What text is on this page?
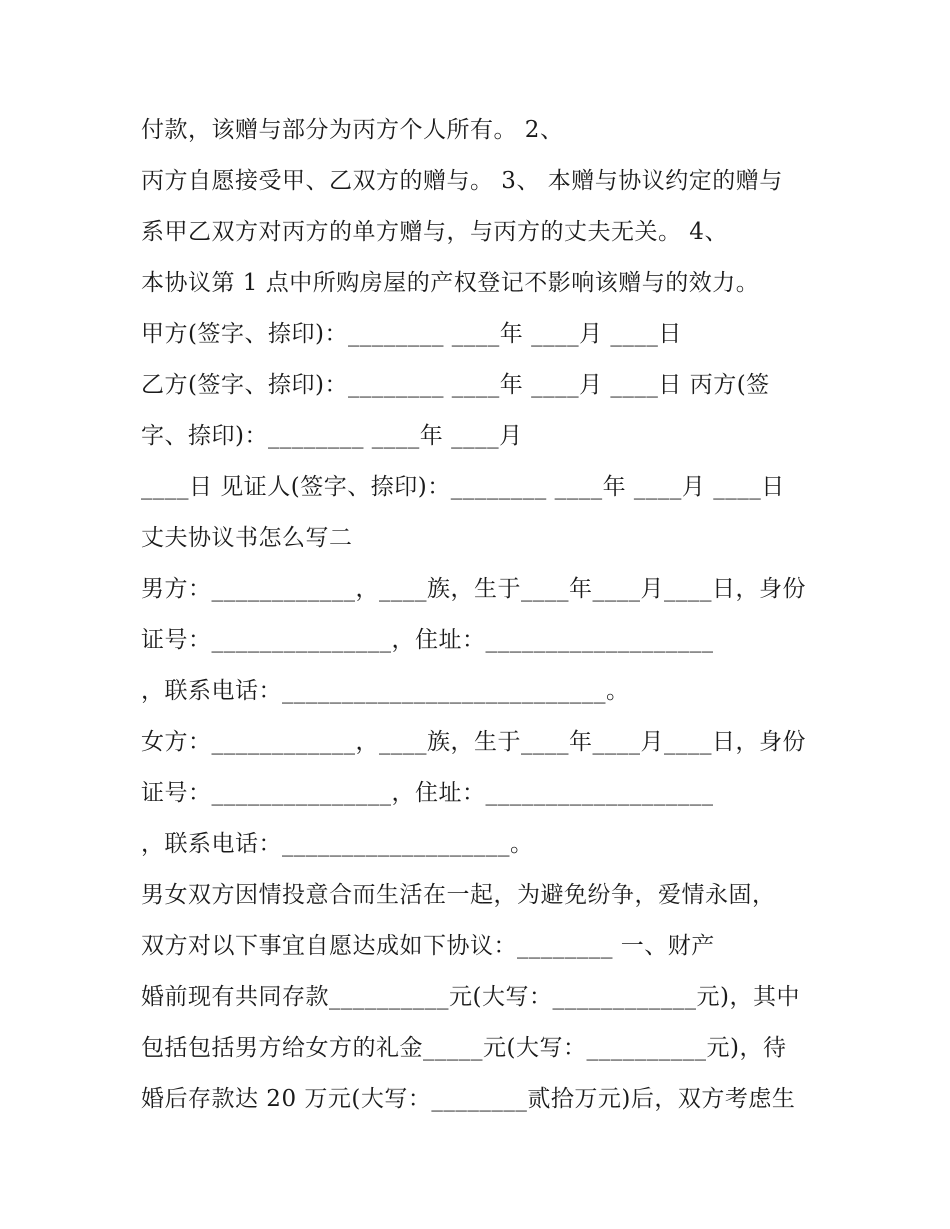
付款，该赠与部分为丙方个人所有。 2、
丙方自愿接受甲、乙双方的赠与。 3、 本赠与协议约定的赠与
系甲乙双方对丙方的单方赠与，与丙方的丈夫无关。 4、
本协议第 1 点中所购房屋的产权登记不影响该赠与的效力。
甲方(签字、捺印)：________ ____年 ____月 ____日
乙方(签字、捺印)：________ ____年 ____月 ____日 丙方(签
字、捺印)：________ ____年 ____月
____日 见证人(签字、捺印)：________ ____年 ____月 ____日
丈夫协议书怎么写二
男方：____________，____族，生于____年____月____日，身份
证号：_______________，住址：___________________
，联系电话：___________________________。
女方：____________，____族，生于____年____月____日，身份
证号：_______________，住址：___________________
，联系电话：___________________。
男女双方因情投意合而生活在一起，为避免纷争，爱情永固，
双方对以下事宜自愿达成如下协议：________ 一、财产
婚前现有共同存款__________元(大写：____________元)，其中
包括包括男方给女方的礼金_____元(大写：__________元)，待
婚后存款达 20 万元(大写：________贰拾万元)后，双方考虑生
